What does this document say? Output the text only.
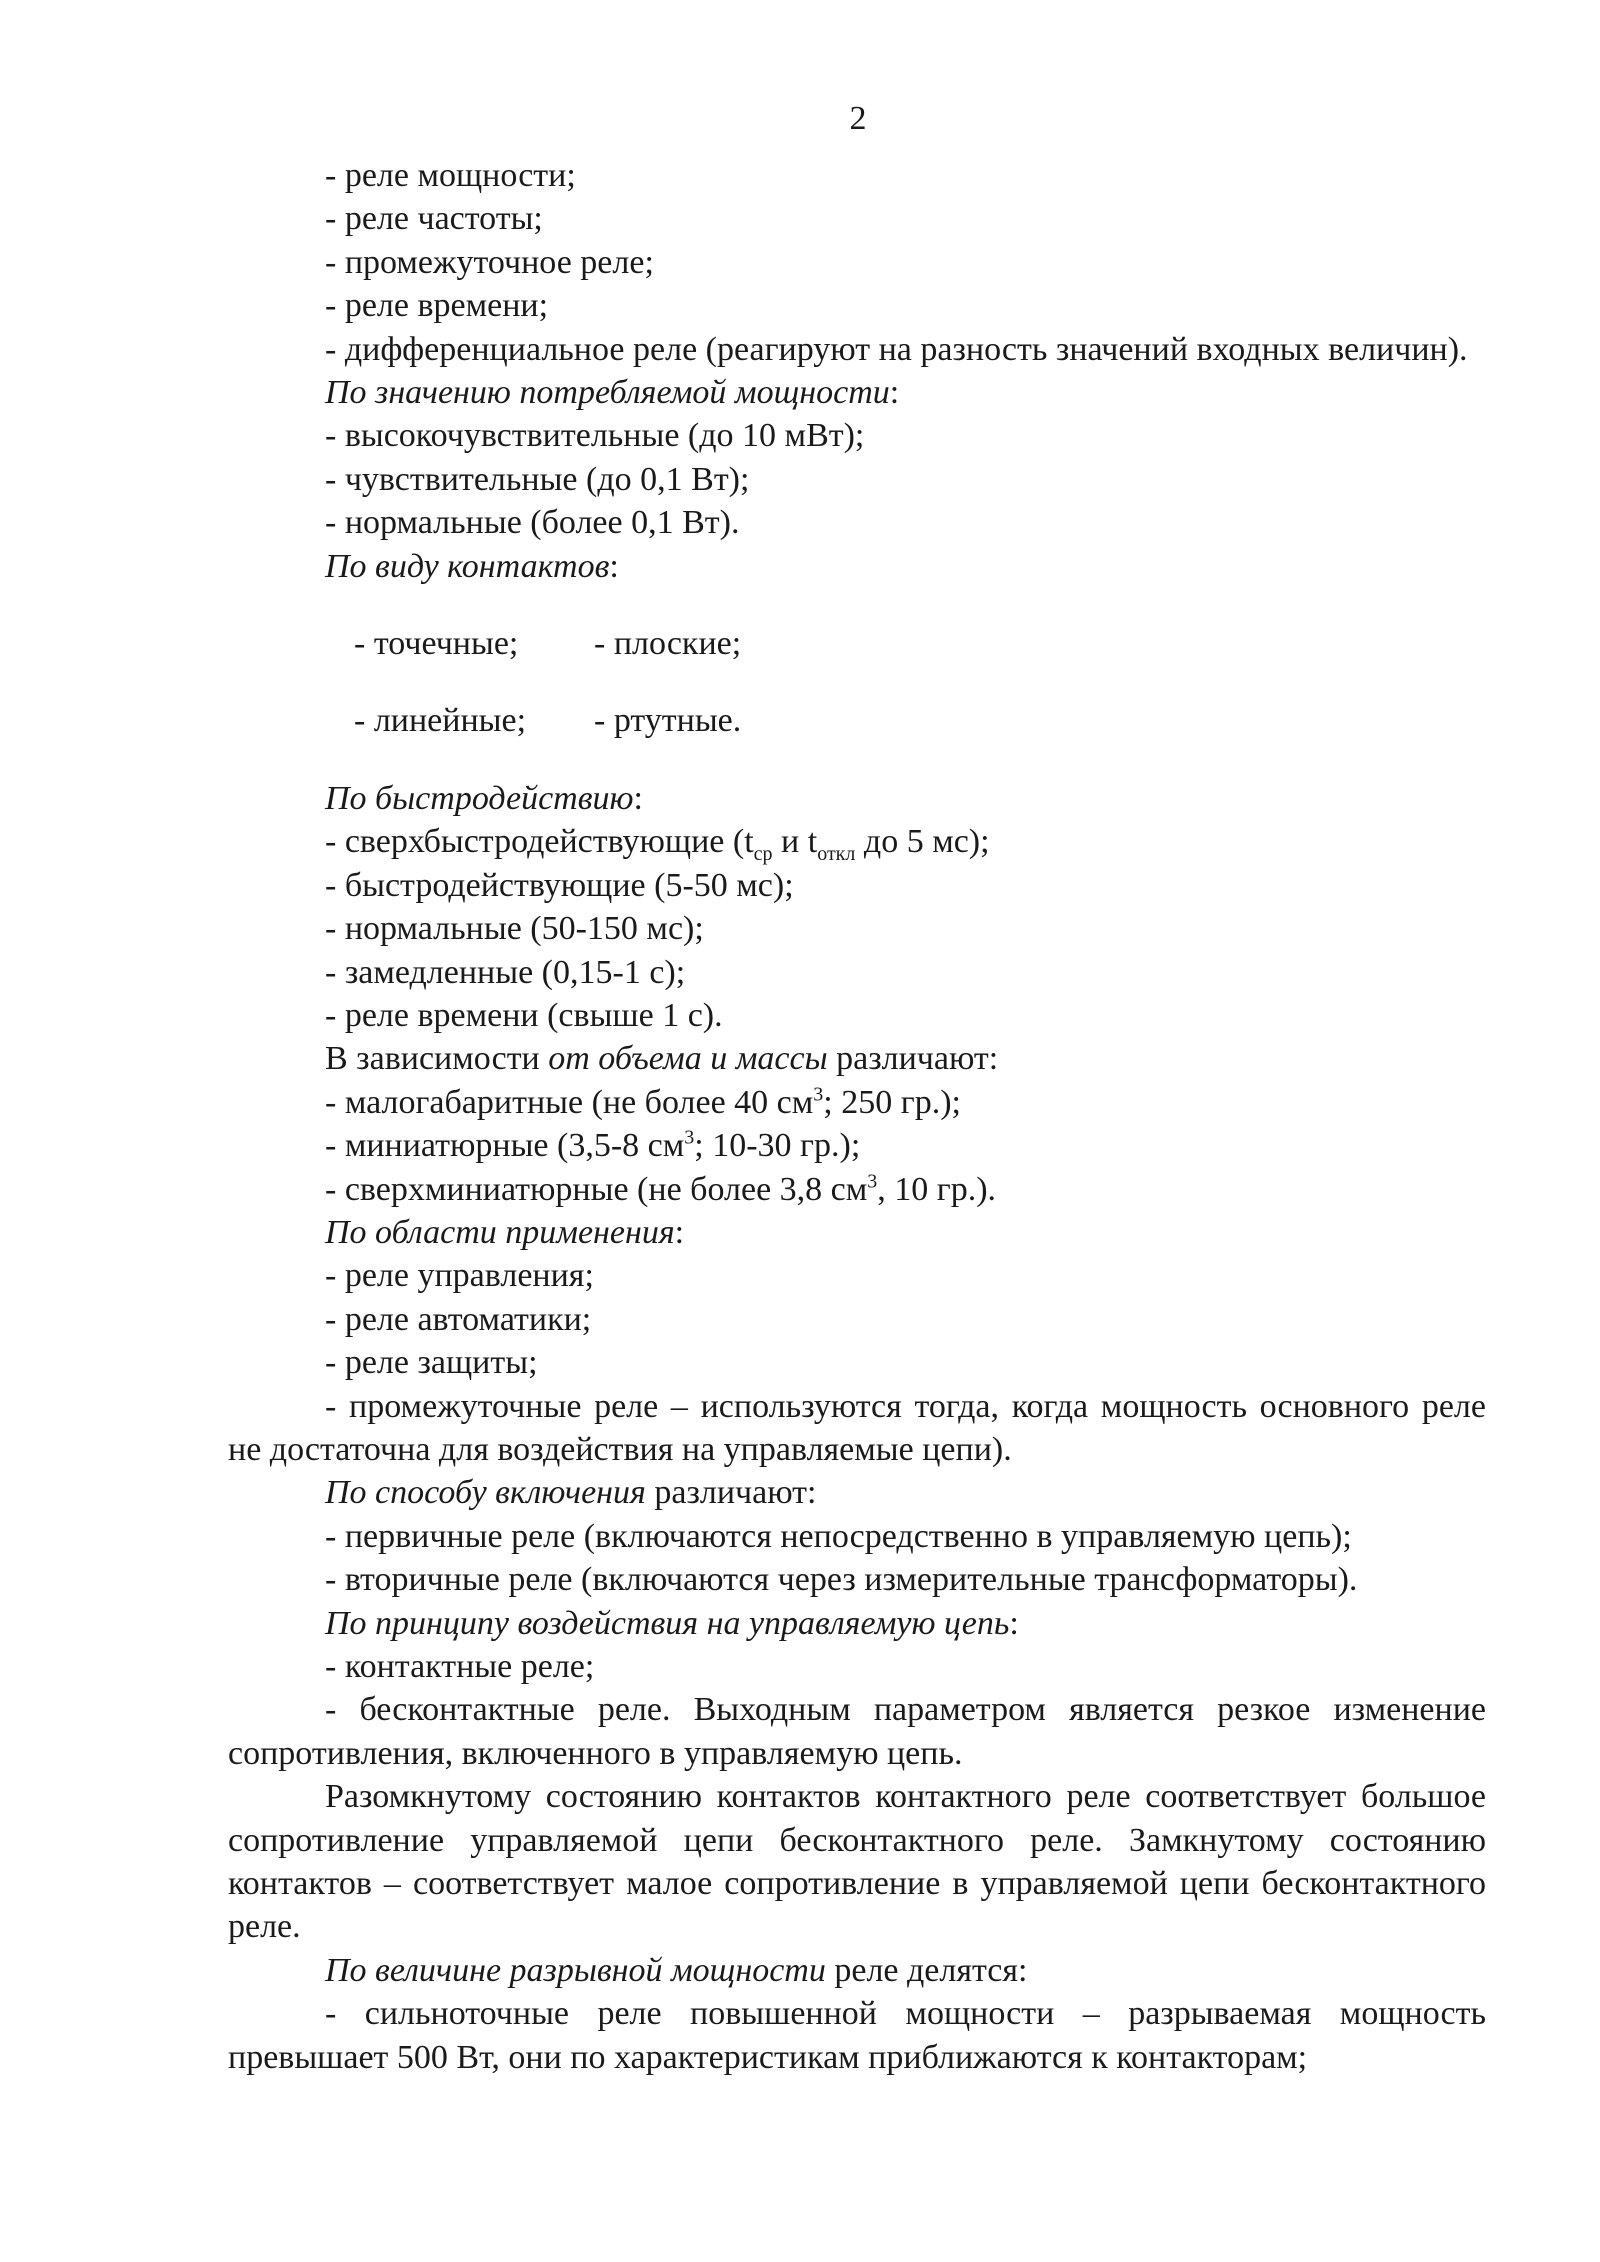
2

- реле мощности;

- реле частоты;

- промежуточное реле;

- реле времени;

- дифференциальное реле (реагируют на разность значений входных величин).

По значению потребляемой мощности:

- высокочувствительные (до 10 мВт);

- чувствительные (до 0,1 Вт);

- нормальные (более 0,1 Вт).

По виду контактов:

- точечные; - плоские;

- линейные; - ртутные.

По быстродействию:

- сверхбыстродействующие ($t_{ср}$ и $t_{откл}$ до 5 мс);

- быстродействующие (5-50 мс);

- нормальные (50-150 мс);

- замедленные (0,15-1 с);

- реле времени (свыше 1 с).

В зависимости от объема и массы различают:

- малогабаритные (не более 40 $см^3$; 250 гр.);

- миниатюрные (3,5-8 $см^3$; 10-30 гр.);

- сверхминиатюрные (не более 3,8 $см^3$, 10 гр.).

По области применения:

- реле управления;

- реле автоматики;

- реле защиты;

- промежуточные реле – используются тогда, когда мощность основного реле не достаточна для воздействия на управляемые цепи).

По способу включения различают:

- первичные реле (включаются непосредственно в управляемую цепь);

- вторичные реле (включаются через измерительные трансформаторы).

По принципу воздействия на управляемую цепь:

- контактные реле;

- бесконтактные реле. Выходным параметром является резкое изменение сопротивления, включенного в управляемую цепь.

Разомкнутому состоянию контактов контактного реле соответствует большое сопротивление управляемой цепи бесконтактного реле. Замкнутому состоянию контактов – соответствует малое сопротивление в управляемой цепи бесконтактного реле.

По величине разрывной мощности реле делятся:

- сильноточные реле повышенной мощности – разрываемая мощность превышает 500 Вт, они по характеристикам приближаются к контакторам;
